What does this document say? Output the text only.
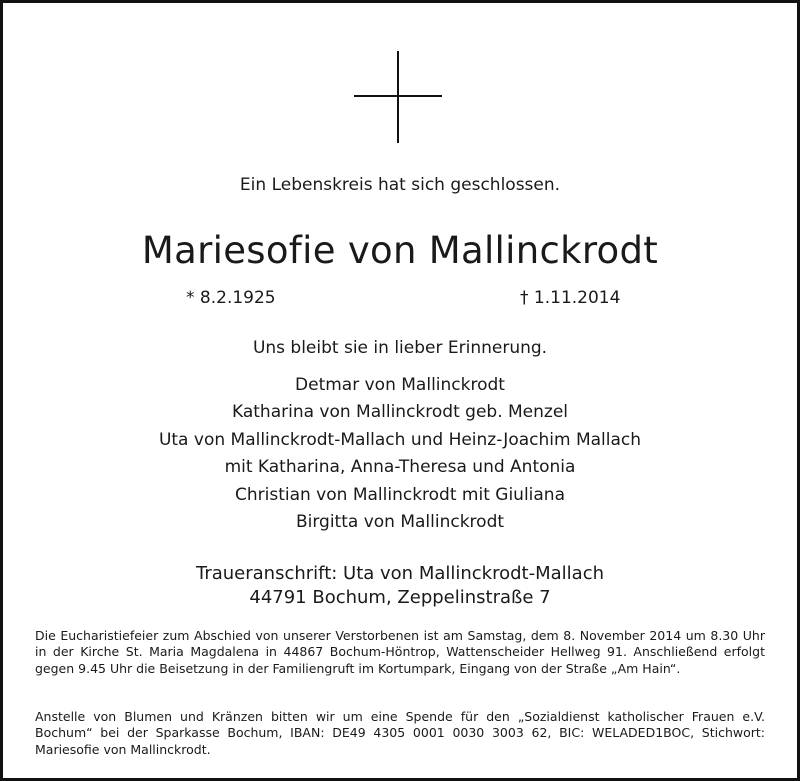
Ein Lebenskreis hat sich geschlossen.
Mariesofie von Mallinckrodt
* 8.2.1925	† 1.11.2014
Uns bleibt sie in lieber Erinnerung.
Detmar von Mallinckrodt
Katharina von Mallinckrodt geb. Menzel
Uta von Mallinckrodt-Mallach und Heinz-Joachim Mallach
mit Katharina, Anna-Theresa und Antonia
Christian von Mallinckrodt mit Giuliana
Birgitta von Mallinckrodt
Traueranschrift: Uta von Mallinckrodt-Mallach
44791 Bochum, Zeppelinstraße 7

Die Eucharistiefeier zum Abschied von unserer Verstorbenen ist am Samstag, dem 8. November 2014 um 8.30 Uhr in der Kirche St. Maria Magdalena in 44867 Bochum-Höntrop, Wattenscheider Hellweg 91. Anschließend erfolgt gegen 9.45 Uhr die Beisetzung in der Familiengruft im Kortumpark, Eingang von der Straße „Am Hain“.

Anstelle von Blumen und Kränzen bitten wir um eine Spende für den „Sozialdienst katholischer Frauen e.V. Bochum“ bei der Sparkasse Bochum, IBAN: DE49 4305 0001 0030 3003 62, BIC: WELADED1BOC, Stichwort: Mariesofie von Mallinckrodt.
